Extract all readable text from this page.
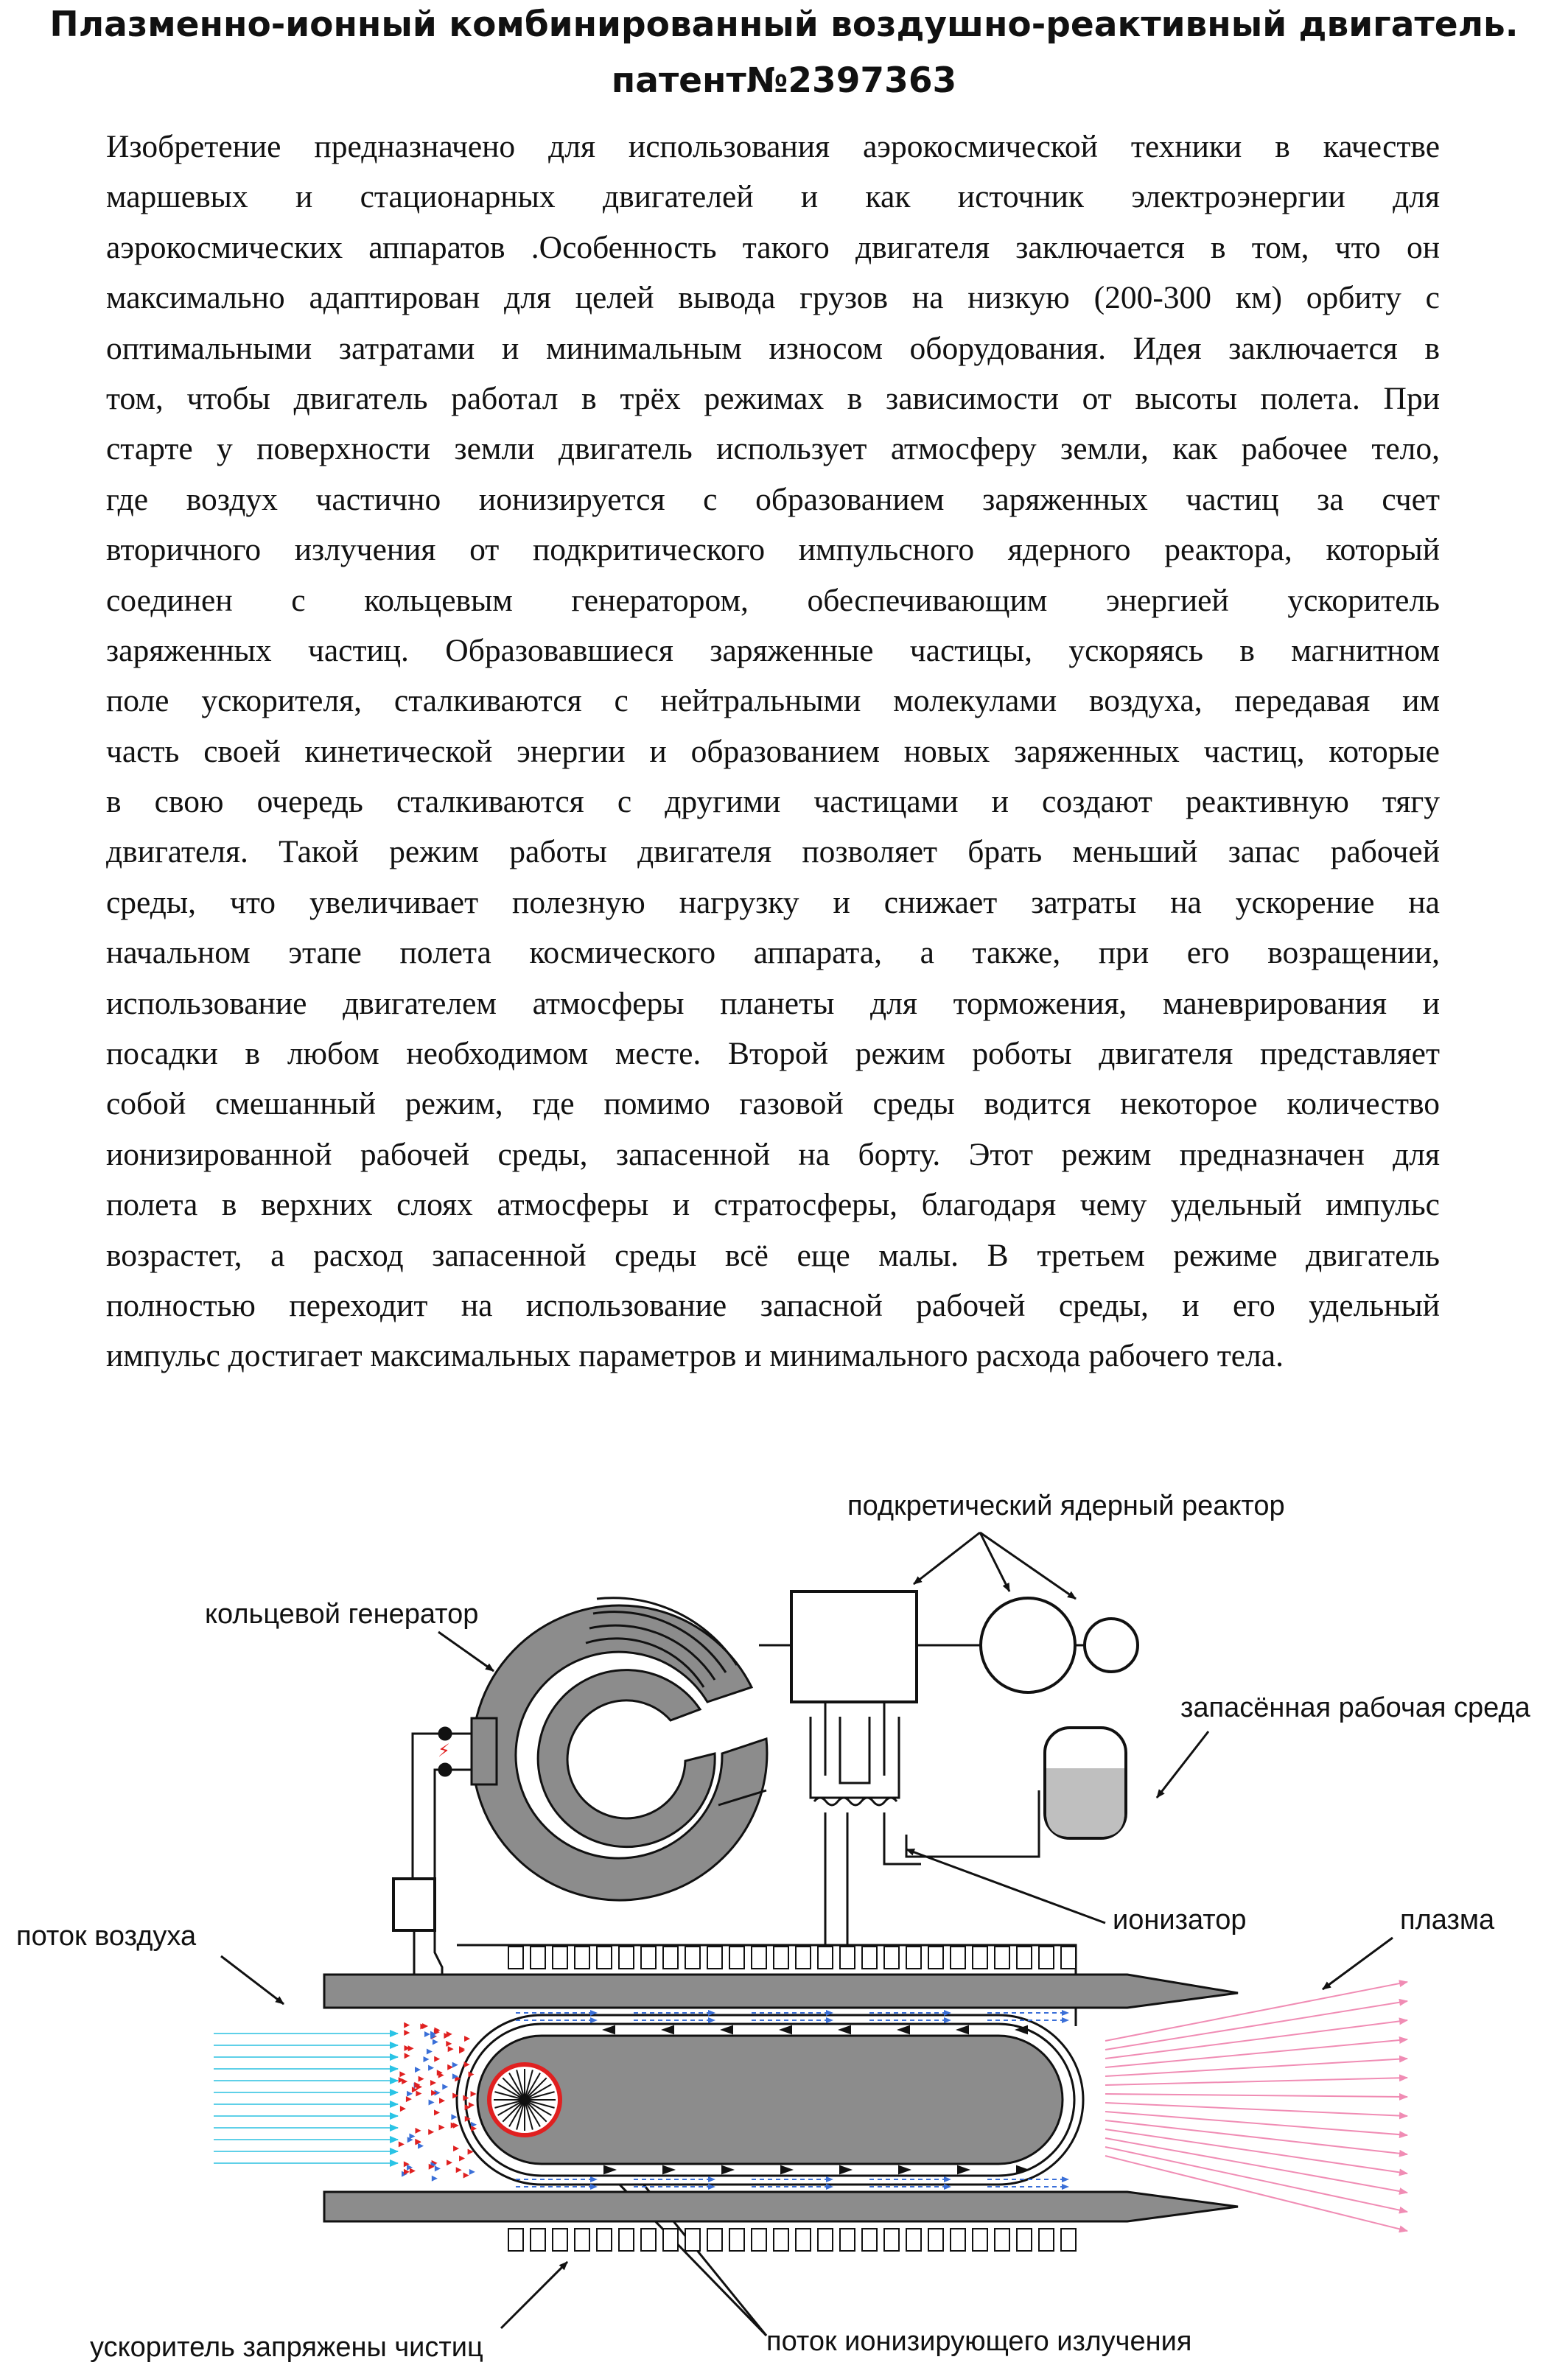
Плазменно-ионный комбинированный воздушно-реактивный двигатель.
патент№2397363
Изобретение предназначено для использования аэрокосмической техники в качестве
маршевых и стационарных двигателей и как источник электроэнергии для
аэрокосмических аппаратов .Особенность такого двигателя заключается в том, что он
максимально адаптирован для целей вывода грузов на низкую (200-300 км) орбиту с
оптимальными затратами и минимальным износом оборудования. Идея заключается в
том, чтобы двигатель работал в трёх режимах в зависимости от высоты полета. При
старте у поверхности земли двигатель использует атмосферу земли, как рабочее тело,
где воздух частично ионизируется с образованием заряженных частиц за счет
вторичного излучения от подкритического импульсного ядерного реактора, который
соединен с кольцевым генератором, обеспечивающим энергией ускоритель
заряженных частиц. Образовавшиеся заряженные частицы, ускоряясь в магнитном
поле ускорителя, сталкиваются с нейтральными молекулами воздуха, передавая им
часть своей кинетической энергии и образованием новых заряженных частиц, которые
в свою очередь сталкиваются с другими частицами и создают реактивную тягу
двигателя. Такой режим работы двигателя позволяет брать меньший запас рабочей
среды, что увеличивает полезную нагрузку и снижает затраты на ускорение на
начальном этапе полета космического аппарата, а также, при его возращении,
использование двигателем атмосферы планеты для торможения, маневрирования и
посадки в любом необходимом месте. Второй режим роботы двигателя представляет
собой смешанный режим, где помимо газовой среды водится некоторое количество
ионизированной рабочей среды, запасенной на борту. Этот режим предназначен для
полета в верхних слоях атмосферы и стратосферы, благодаря чему удельный импульс
возрастет, а расход запасенной среды всё еще малы. В третьем режиме двигатель
полностью переходит на использование запасной рабочей среды, и его удельный
импульс достигает максимальных параметров и минимального расхода рабочего тела.
подкретический ядерный реактор
кольцевой генератор
запасённая рабочая среда
поток воздуха
ионизатор	плазма
ускоритель запряжены чистиц	поток ионизирующего излучения
⚡
